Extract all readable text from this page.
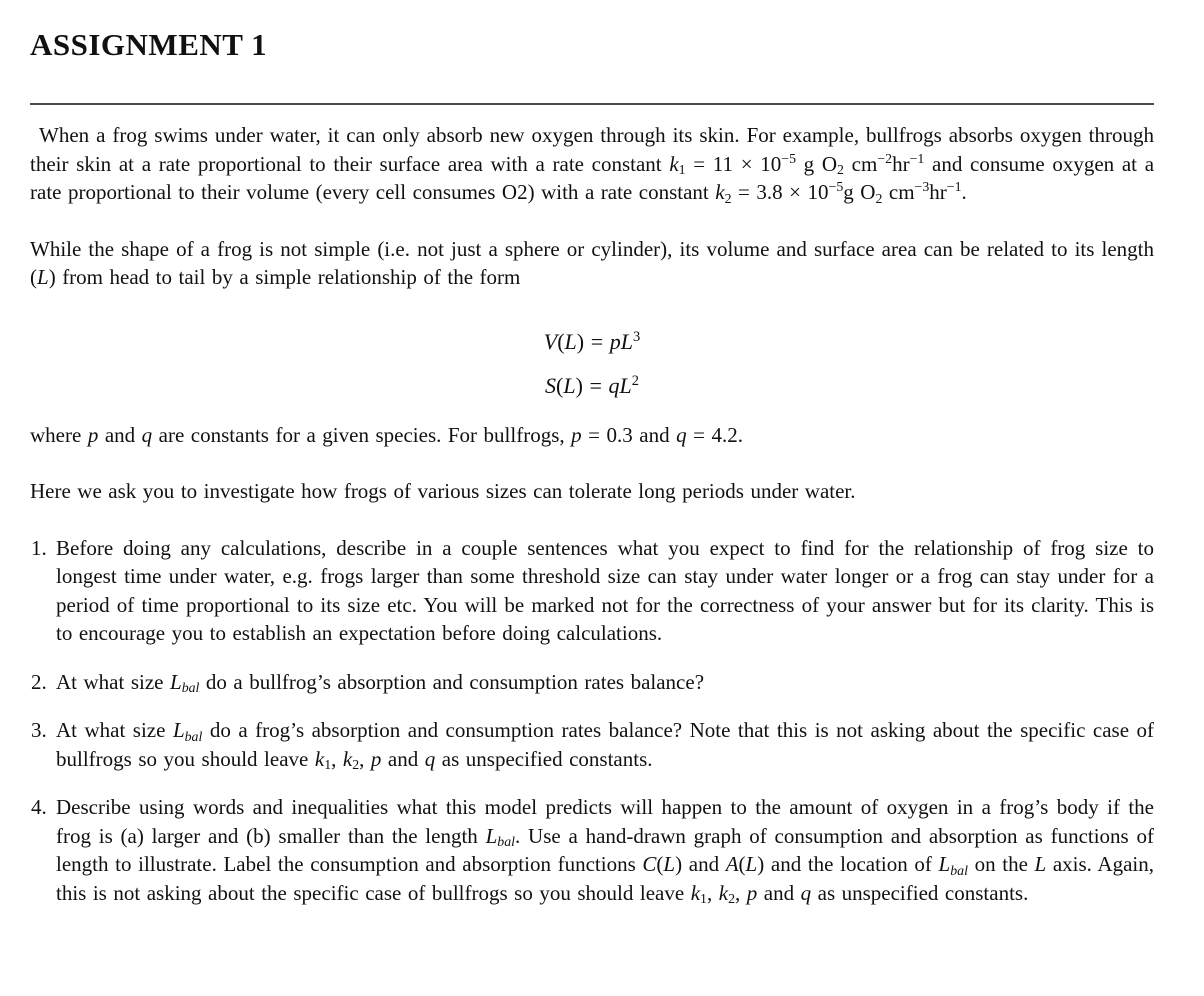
ASSIGNMENT 1

When a frog swims under water, it can only absorb new oxygen through its skin. For example, bullfrogs absorbs oxygen through their skin at a rate proportional to their surface area with a rate constant $k_1 = 11 \times 10^{-5}$ g $O_2$ $cm^{-2}hr^{-1}$ and consume oxygen at a rate proportional to their volume (every cell consumes O2) with a rate constant $k_2 = 3.8 \times 10^{-5}g$ $O_2$ $cm^{-3}hr^{-1}$.

While the shape of a frog is not simple (i.e. not just a sphere or cylinder), its volume and surface area can be related to its length (L) from head to tail by a simple relationship of the form

$V(L) = pL^3$
$S(L) = qL^2$

where p and q are constants for a given species. For bullfrogs, p = 0.3 and q = 4.2.

Here we ask you to investigate how frogs of various sizes can tolerate long periods under water.

1. Before doing any calculations, describe in a couple sentences what you expect to find for the relationship of frog size to longest time under water, e.g. frogs larger than some threshold size can stay under water longer or a frog can stay under for a period of time proportional to its size etc. You will be marked not for the correctness of your answer but for its clarity. This is to encourage you to establish an expectation before doing calculations.
2. At what size $L_{bal}$ do a bullfrog’s absorption and consumption rates balance?
3. At what size $L_{bal}$ do a frog’s absorption and consumption rates balance? Note that this is not asking about the specific case of bullfrogs so you should leave $k_1$, $k_2$, p and q as unspecified constants.
4. Describe using words and inequalities what this model predicts will happen to the amount of oxygen in a frog’s body if the frog is (a) larger and (b) smaller than the length $L_{bal}$. Use a hand-drawn graph of consumption and absorption as functions of length to illustrate. Label the consumption and absorption functions C(L) and A(L) and the location of $L_{bal}$ on the L axis. Again, this is not asking about the specific case of bullfrogs so you should leave $k_1$, $k_2$, p and q as unspecified constants.
